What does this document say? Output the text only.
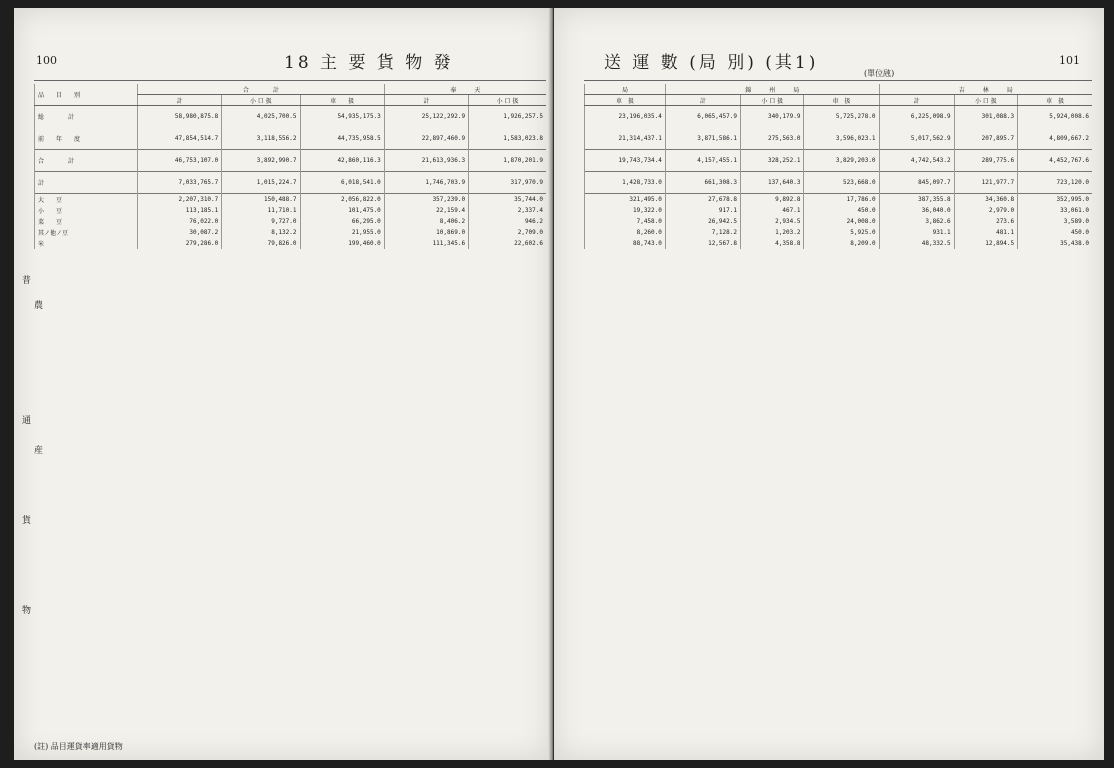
100	18 主 要 貨 物 發
普
農
通
産
貨
物
品　　目　　別	合　　　　 計			奉　　　 天	
	計	小 口 扱	車　　扱	計	小 口 扱
総　　　　計	58,980,875.8	4,025,700.5	54,935,175.3	25,122,292.9	1,926,257.5
前　　年　　度	47,854,514.7	3,118,556.2	44,735,958.5	22,897,460.9	1,583,023.8
合　　　　計	46,753,107.0	3,892,990.7	42,860,116.3	21,613,936.3	1,870,201.9
計	7,033,765.7	1,015,224.7	6,018,541.0	1,746,703.9	317,970.9
大　　豆	2,207,310.7	150,488.7	2,056,822.0	357,239.0	35,744.0
小　　豆	113,185.1	11,710.1	101,475.0	22,159.4	2,337.4
菜　　豆	76,022.0	9,727.0	66,295.0	8,406.2	946.2
其ノ他ノ豆	30,087.2	8,132.2	21,955.0	10,869.0	2,709.0
米	279,286.0	79,826.0	199,460.0	111,345.6	22,602.6
(註) 品目運貨率適用貨物
101
送 運 數 (局 別) (其1)
(單位瓲)
局	錦　　　州　　　局			吉　　　林　　　局		
車　扱	計	小 口 扱	車　扱	計	小 口 扱	車　扱
23,196,035.4	6,065,457.9	340,179.9	5,725,278.0	6,225,098.9	301,088.3	5,924,008.6
21,314,437.1	3,871,586.1	275,563.0	3,596,023.1	5,017,562.9	207,895.7	4,809,667.2
19,743,734.4	4,157,455.1	328,252.1	3,829,203.0	4,742,543.2	289,775.6	4,452,767.6
1,428,733.0	661,308.3	137,640.3	523,668.0	845,097.7	121,977.7	723,120.0
321,495.0	27,678.8	9,892.8	17,786.0	387,355.8	34,360.8	352,995.0
19,322.0	917.1	467.1	450.0	36,040.0	2,979.0	33,061.0
7,458.0	26,942.5	2,934.5	24,008.0	3,862.6	273.6	3,589.0
8,260.0	7,128.2	1,203.2	5,925.0	931.1	481.1	450.0
88,743.0	12,567.8	4,358.8	8,209.0	48,332.5	12,894.5	35,438.0
